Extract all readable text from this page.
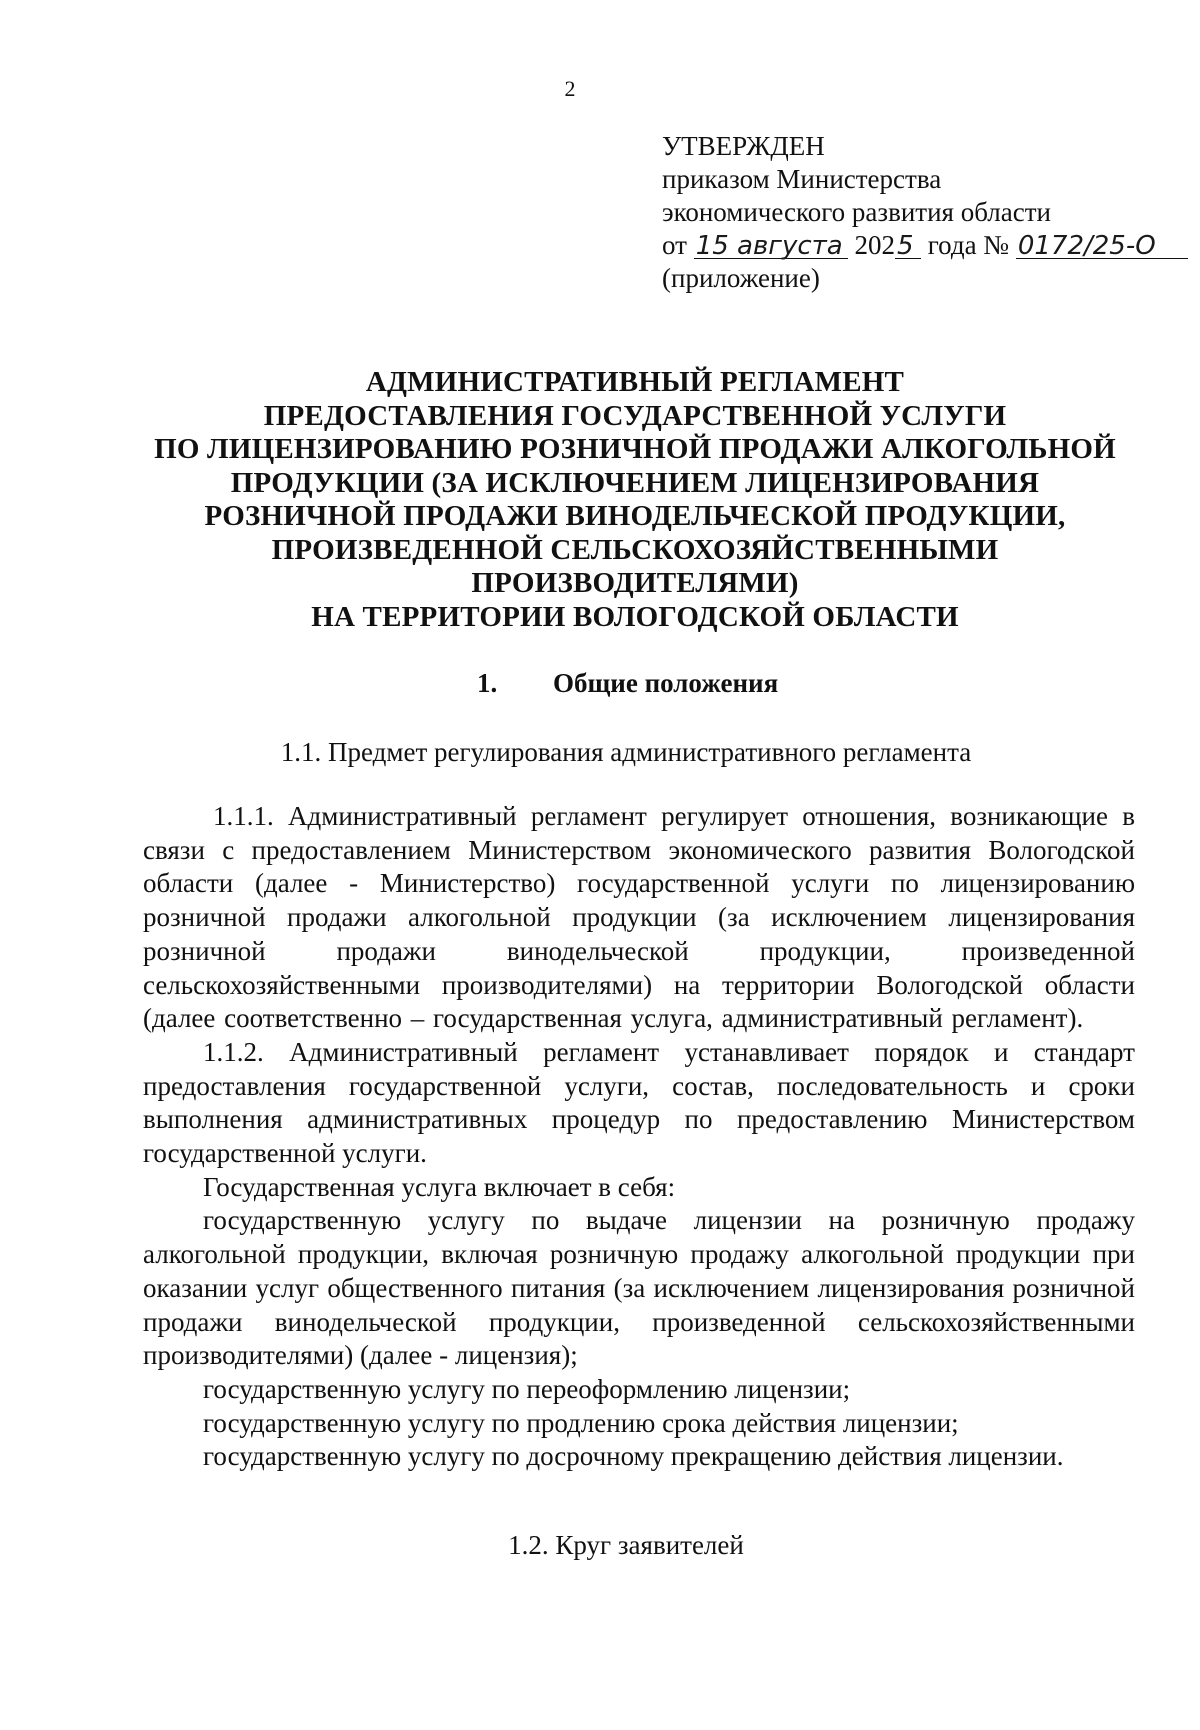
2
УТВЕРЖДЕН
приказом Министерства
экономического развития области
от 15 августа 2025 года № 0172/25-О
(приложение)
АДМИНИСТРАТИВНЫЙ РЕГЛАМЕНТ
ПРЕДОСТАВЛЕНИЯ ГОСУДАРСТВЕННОЙ УСЛУГИ
ПО ЛИЦЕНЗИРОВАНИЮ РОЗНИЧНОЙ ПРОДАЖИ АЛКОГОЛЬНОЙ
ПРОДУКЦИИ (ЗА ИСКЛЮЧЕНИЕМ ЛИЦЕНЗИРОВАНИЯ
РОЗНИЧНОЙ ПРОДАЖИ ВИНОДЕЛЬЧЕСКОЙ ПРОДУКЦИИ,
ПРОИЗВЕДЕННОЙ СЕЛЬСКОХОЗЯЙСТВЕННЫМИ
ПРОИЗВОДИТЕЛЯМИ)
НА ТЕРРИТОРИИ ВОЛОГОДСКОЙ ОБЛАСТИ
1. Общие положения
1.1. Предмет регулирования административного регламента

1.1.1. Административный регламент регулирует отношения, возникающие в связи с предоставлением Министерством экономического развития Вологодской области (далее - Министерство) государственной услуги по лицензированию розничной продажи алкогольной продукции (за исключением лицензирования розничной продажи винодельческой продукции, произведенной сельскохозяйственными производителями) на территории Вологодской области (далее соответственно – государственная услуга, административный регламент).

1.1.2. Административный регламент устанавливает порядок и стандарт предоставления государственной услуги, состав, последовательность и сроки выполнения административных процедур по предоставлению Министерством государственной услуги.

Государственная услуга включает в себя:

государственную услугу по выдаче лицензии на розничную продажу алкогольной продукции, включая розничную продажу алкогольной продукции при оказании услуг общественного питания (за исключением лицензирования розничной продажи винодельческой продукции, произведенной сельскохозяйственными производителями) (далее - лицензия);

государственную услугу по переоформлению лицензии;

государственную услугу по продлению срока действия лицензии;

государственную услугу по досрочному прекращению действия лицензии.

1.2. Круг заявителей
